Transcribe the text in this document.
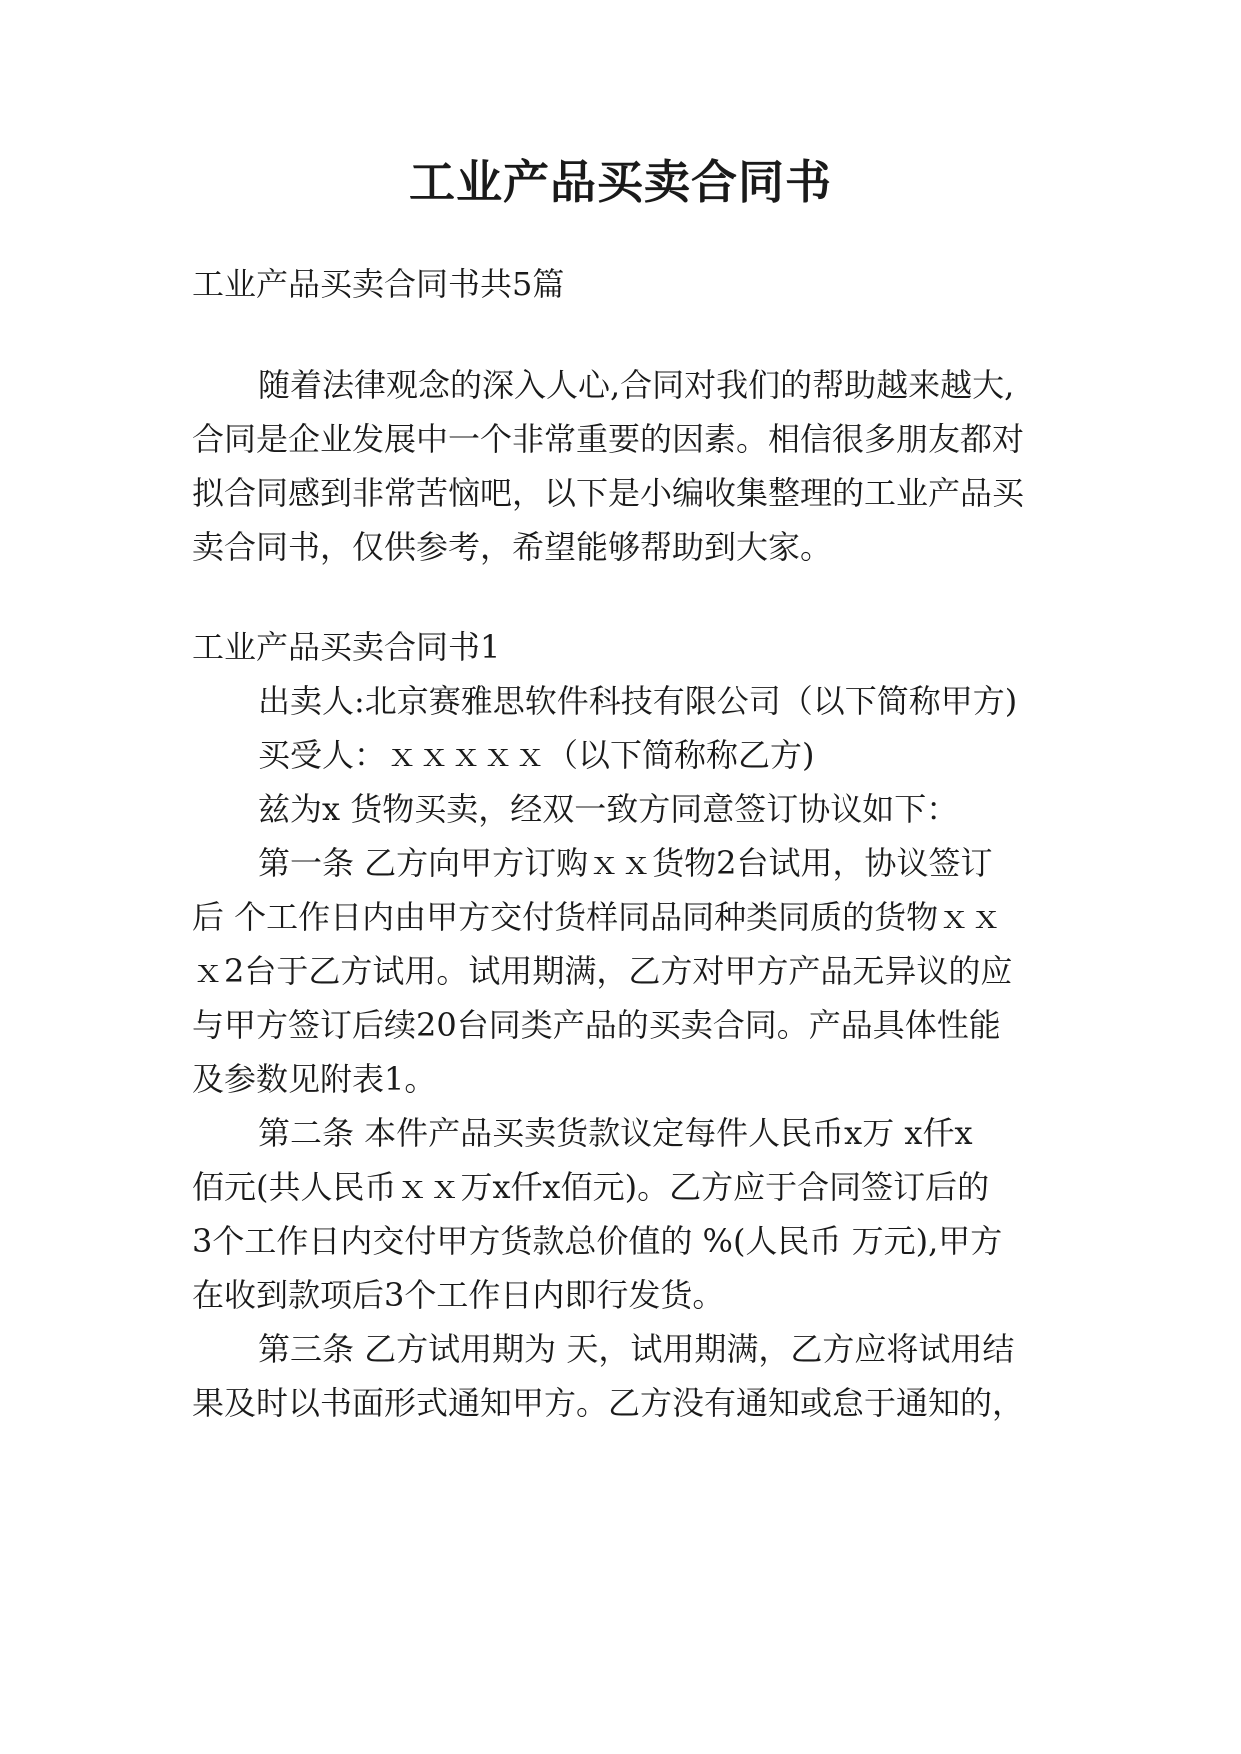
工业产品买卖合同书

工业产品买卖合同书共5篇

随着法律观念的深入人心,合同对我们的帮助越来越大,

合同是企业发展中一个非常重要的因素。相信很多朋友都对

拟合同感到非常苦恼吧，以下是小编收集整理的工业产品买

卖合同书，仅供参考，希望能够帮助到大家。

工业产品买卖合同书1

出卖人:北京赛雅思软件科技有限公司（以下简称甲方)

买受人：ｘｘｘｘｘ（以下简称称乙方)

兹为x 货物买卖，经双一致方同意签订协议如下：

第一条 乙方向甲方订购ｘｘ货物2台试用，协议签订

后 个工作日内由甲方交付货样同品同种类同质的货物ｘｘ

ｘ2台于乙方试用。试用期满，乙方对甲方产品无异议的应

与甲方签订后续20台同类产品的买卖合同。产品具体性能

及参数见附表1。

第二条 本件产品买卖货款议定每件人民币x万 x仟x

佰元(共人民币ｘｘ万x仟x佰元)。乙方应于合同签订后的

3个工作日内交付甲方货款总价值的 %(人民币 万元),甲方

在收到款项后3个工作日内即行发货。

第三条 乙方试用期为 天，试用期满，乙方应将试用结

果及时以书面形式通知甲方。乙方没有通知或怠于通知的，
